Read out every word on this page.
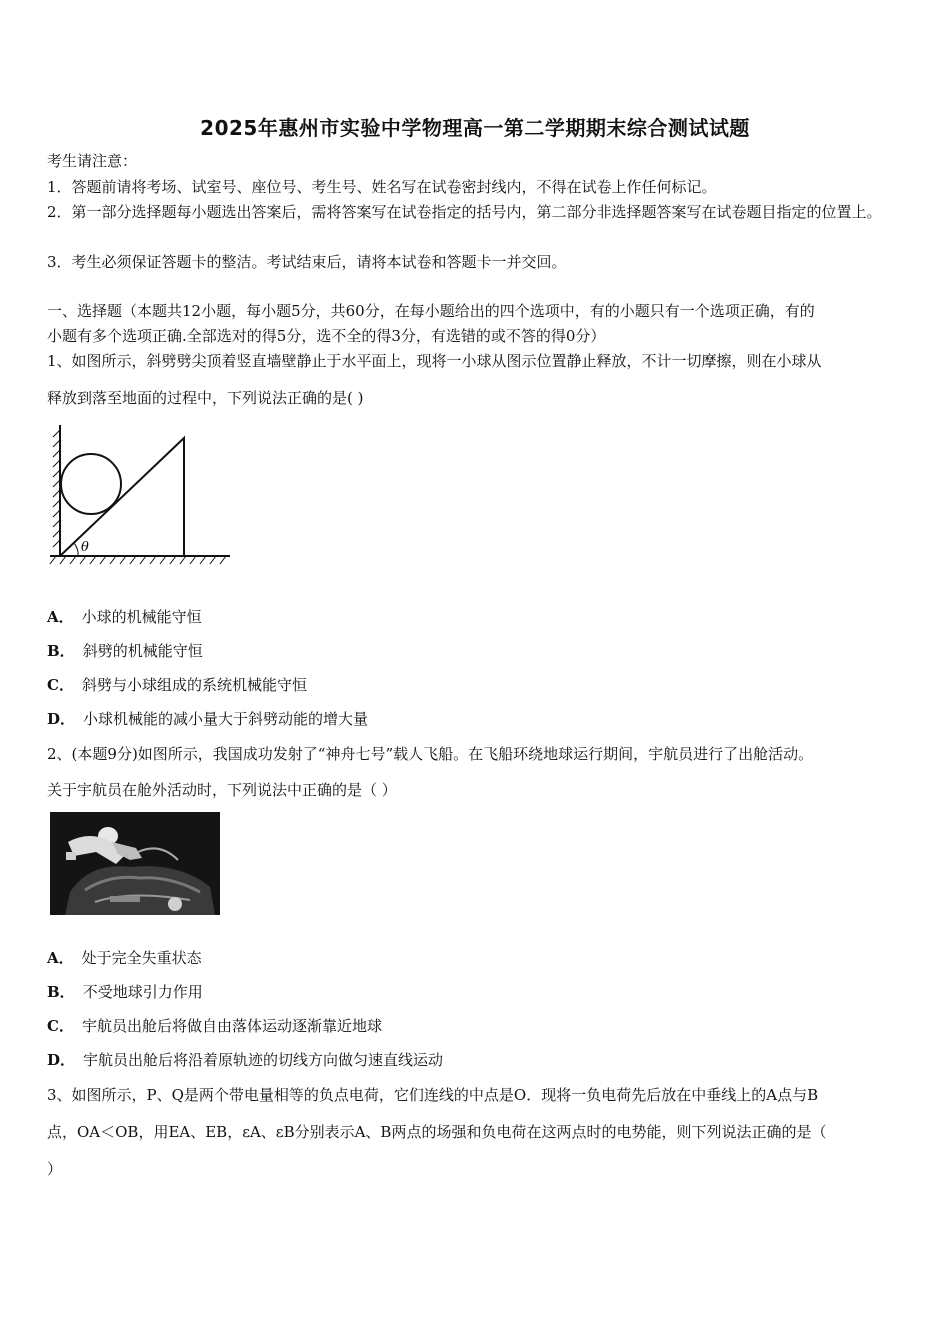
2025年惠州市实验中学物理高一第二学期期末综合测试试题
考生请注意：
1．答题前请将考场、试室号、座位号、考生号、姓名写在试卷密封线内，不得在试卷上作任何标记。
2．第一部分选择题每小题选出答案后，需将答案写在试卷指定的括号内，第二部分非选择题答案写在试卷题目指定的位置上。
3．考生必须保证答题卡的整洁。考试结束后，请将本试卷和答题卡一并交回。
一、选择题（本题共12小题，每小题5分，共60分，在每小题给出的四个选项中，有的小题只有一个选项正确，有的
小题有多个选项正确.全部选对的得5分，选不全的得3分，有选错的或不答的得0分）
1、如图所示，斜劈劈尖顶着竖直墙壁静止于水平面上，现将一小球从图示位置静止释放，不计一切摩擦，则在小球从
释放到落至地面的过程中，下列说法正确的是( )
θ
A． 小球的机械能守恒
B． 斜劈的机械能守恒
C． 斜劈与小球组成的系统机械能守恒
D． 小球机械能的减小量大于斜劈动能的增大量
2、(本题9分)如图所示，我国成功发射了“神舟七号”载人飞船。在飞船环绕地球运行期间，宇航员进行了出舱活动。
关于宇航员在舱外活动时，下列说法中正确的是（ ）
A． 处于完全失重状态
B． 不受地球引力作用
C． 宇航员出舱后将做自由落体运动逐渐靠近地球
D． 宇航员出舱后将沿着原轨迹的切线方向做匀速直线运动
3、如图所示，P、Q是两个带电量相等的负点电荷，它们连线的中点是O．现将一负电荷先后放在中垂线上的A点与B
点，OA＜OB，用EA、EB，εA、εB分别表示A、B两点的场强和负电荷在这两点时的电势能，则下列说法正确的是（
）
